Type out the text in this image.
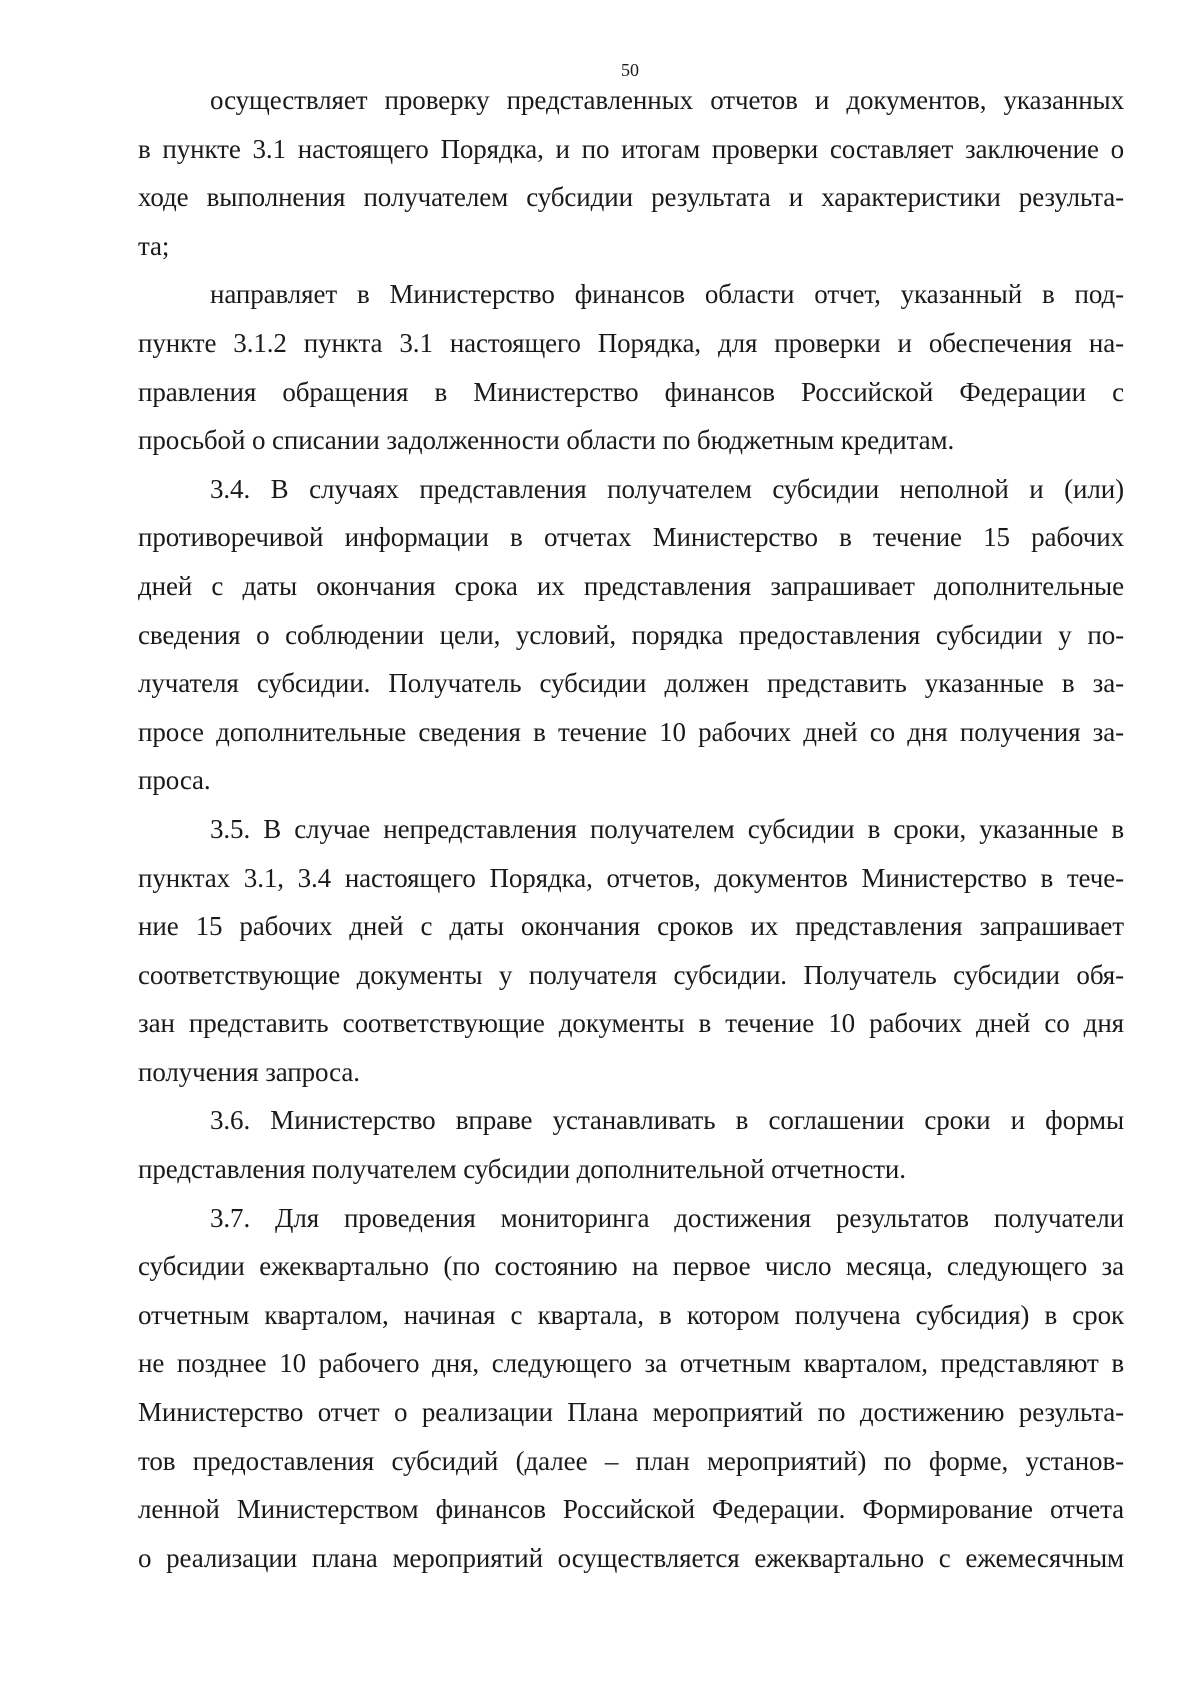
50
осуществляет проверку представленных отчетов и документов, указанных
в пункте 3.1 настоящего Порядка, и по итогам проверки составляет заключение о
ходе выполнения получателем субсидии результата и характеристики результа-
та;
направляет в Министерство финансов области отчет, указанный в под-
пункте 3.1.2 пункта 3.1 настоящего Порядка, для проверки и обеспечения на-
правления обращения в Министерство финансов Российской Федерации с
просьбой о списании задолженности области по бюджетным кредитам.
3.4. В случаях представления получателем субсидии неполной и (или)
противоречивой информации в отчетах Министерство в течение 15 рабочих
дней с даты окончания срока их представления запрашивает дополнительные
сведения о соблюдении цели, условий, порядка предоставления субсидии у по-
лучателя субсидии. Получатель субсидии должен представить указанные в за-
просе дополнительные сведения в течение 10 рабочих дней со дня получения за-
проса.
3.5. В случае непредставления получателем субсидии в сроки, указанные в
пунктах 3.1, 3.4 настоящего Порядка, отчетов, документов Министерство в тече-
ние 15 рабочих дней с даты окончания сроков их представления запрашивает
соответствующие документы у получателя субсидии. Получатель субсидии обя-
зан представить соответствующие документы в течение 10 рабочих дней со дня
получения запроса.
3.6. Министерство вправе устанавливать в соглашении сроки и формы
представления получателем субсидии дополнительной отчетности.
3.7. Для проведения мониторинга достижения результатов получатели
субсидии ежеквартально (по состоянию на первое число месяца, следующего за
отчетным кварталом, начиная с квартала, в котором получена субсидия) в срок
не позднее 10 рабочего дня, следующего за отчетным кварталом, представляют в
Министерство отчет о реализации Плана мероприятий по достижению результа-
тов предоставления субсидий (далее – план мероприятий) по форме, установ-
ленной Министерством финансов Российской Федерации. Формирование отчета
о реализации плана мероприятий осуществляется ежеквартально с ежемесячным
